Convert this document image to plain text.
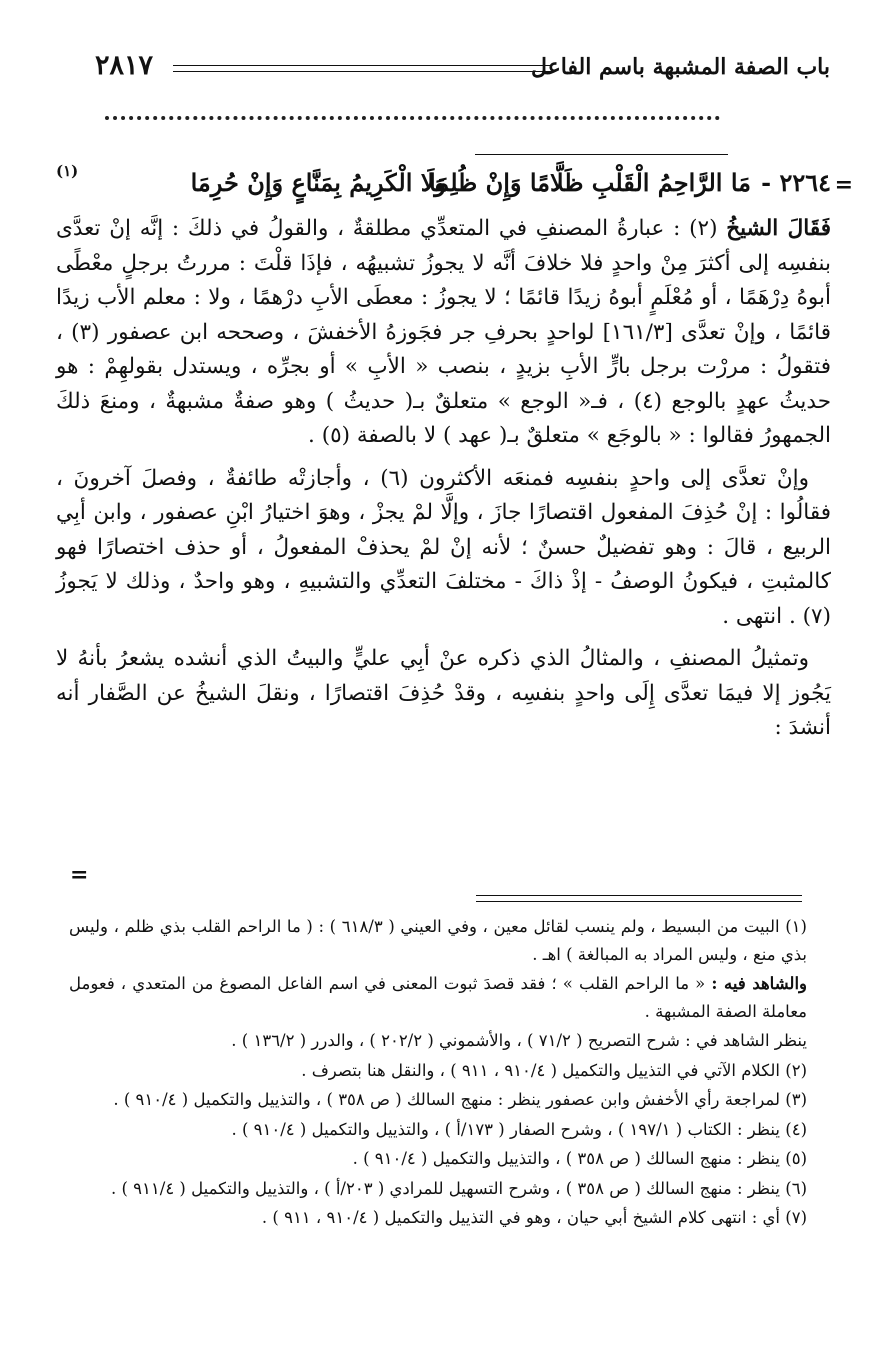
باب الصفة المشبهة باسم الفاعل
٢٨١٧
=
٢٢٦٤ -
مَا الرَّاحِمُ الْقَلْبِ ظَلَّامًا وَإِنْ ظُلِمَا
وَلَا الْكَرِيمُ بِمَنَّاعٍ وَإِنْ حُرِمَا
(١)

فَقَالَ الشيخُ (٢) : عبارةُ المصنفِ في المتعدِّي مطلقةٌ ، والقولُ في ذلكَ : إنَّه إنْ تعدَّى بنفسِه إلى أكثرَ مِنْ واحدٍ فلا خلافَ أنَّه لا يجوزُ تشبيهُه ، فإذَا قلْتَ : مررتُ برجلٍ معْطًى أبوهُ دِرْهَمًا ، أو مُعْلَمٍ أبوهُ زيدًا قائمًا ؛ لا يجوزُ : معطَى الأبِ درْهمًا ، ولا : معلم الأب زيدًا قائمًا ، وإنْ تعدَّى [١٦١/٣] لواحدٍ بحرفِ جر فجَوزهُ الأخفشَ ، وصححه ابن عصفور (٣) ، فتقولُ : مررْت برجل بارٍّ الأبِ بزيدٍ ، بنصب « الأبِ » أو بجرِّه ، ويستدل بقولهِمْ : هو حديثُ عهدٍ بالوجع (٤) ، فـ« الوجع » متعلقٌ بـ( حديثُ ) وهو صفةٌ مشبهةٌ ، ومنعَ ذلكَ الجمهورُ فقالوا : « بالوجَع » متعلقٌ بـ( عهد ) لا بالصفة (٥) .

وإنْ تعدَّى إلى واحدٍ بنفسِه فمنعَه الأكثرون (٦) ، وأجازتْه طائفةٌ ، وفصلَ آخرونَ ، فقالُوا : إنْ حُذِفَ المفعول اقتصارًا جازَ ، وإلَّا لمْ يجزْ ، وهوَ اختيارُ ابْنِ عصفور ، وابن أبِي الربيع ، قالَ : وهو تفضيلٌ حسنٌ ؛ لأنه إنْ لمْ يحذفْ المفعولُ ، أو حذف اختصارًا فهو كالمثبتِ ، فيكونُ الوصفُ - إذْ ذاكَ - مختلفَ التعدِّي والتشبيهِ ، وهو واحدٌ ، وذلك لا يَجوزُ (٧) . انتهى .

وتمثيلُ المصنفِ ، والمثالُ الذي ذكره عنْ أبِي عليٍّ والبيتُ الذي أنشده يشعرُ بأنهُ لا يَجُوز إلا فيمَا تعدَّى إِلَى واحدٍ بنفسِه ، وقدْ حُذِفَ اقتصارًا ، ونقلَ الشيخُ عن الصَّفار أنه أنشدَ :

=

(١) البيت من البسيط ، ولم ينسب لقائل معين ، وفي العيني ( ٦١٨/٣ ) : ( ما الراحم القلب بذي ظلم ، وليس بذي منع ، وليس المراد به المبالغة ) اهـ .

والشاهد فيه : « ما الراحم القلب » ؛ فقد قصدَ ثبوت المعنى في اسم الفاعل المصوغ من المتعدي ، فعومل معاملة الصفة المشبهة .

ينظر الشاهد في : شرح التصريح ( ٧١/٢ ) ، والأشموني ( ٢٠٢/٢ ) ، والدرر ( ١٣٦/٢ ) .

(٢) الكلام الآتي في التذييل والتكميل ( ٩١٠/٤ ، ٩١١ ) ، والنقل هنا بتصرف .

(٣) لمراجعة رأي الأخفش وابن عصفور ينظر : منهج السالك ( ص ٣٥٨ ) ، والتذييل والتكميل ( ٩١٠/٤ ) .

(٤) ينظر : الكتاب ( ١٩٧/١ ) ، وشرح الصفار ( ١٧٣/أ ) ، والتذييل والتكميل ( ٩١٠/٤ ) .

(٥) ينظر : منهج السالك ( ص ٣٥٨ ) ، والتذييل والتكميل ( ٩١٠/٤ ) .

(٦) ينظر : منهج السالك ( ص ٣٥٨ ) ، وشرح التسهيل للمرادي ( ٢٠٣/أ ) ، والتذييل والتكميل ( ٩١١/٤ ) .

(٧) أي : انتهى كلام الشيخ أبي حيان ، وهو في التذييل والتكميل ( ٩١٠/٤ ، ٩١١ ) .
